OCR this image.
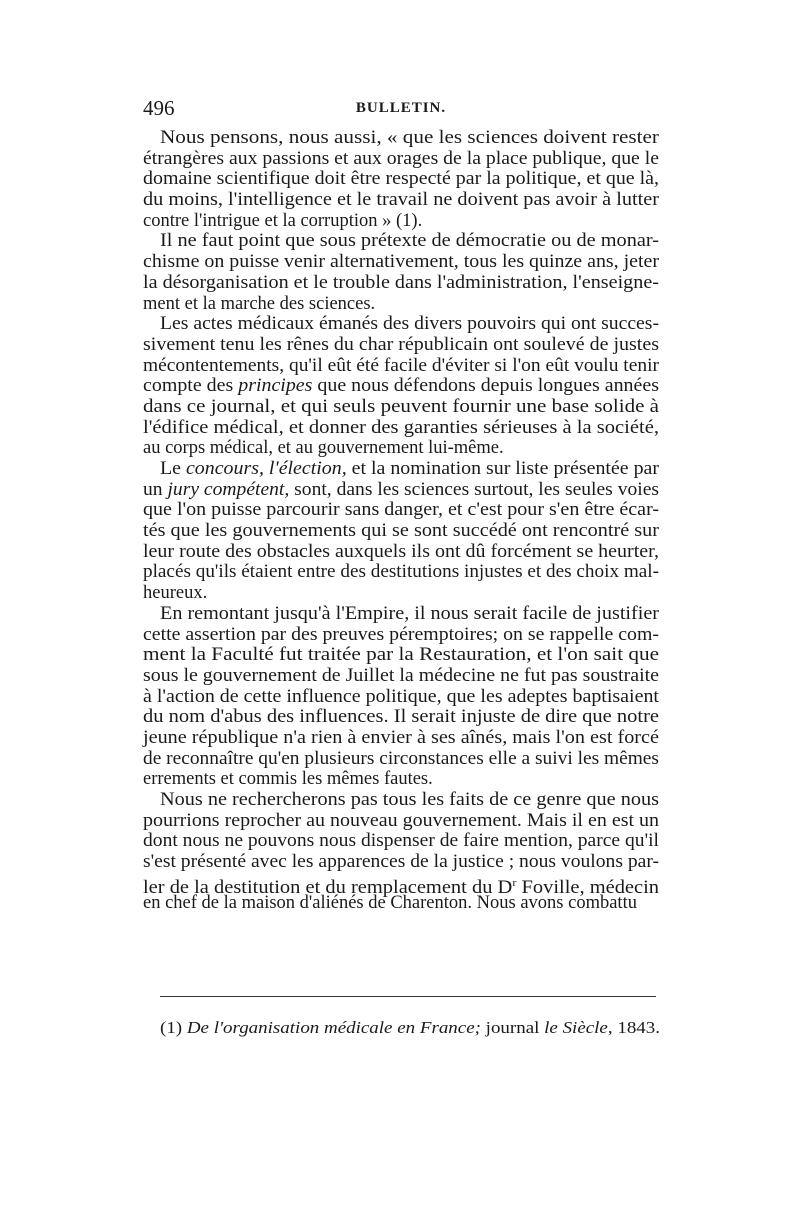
496	BULLETIN.
Nous pensons, nous aussi, « que les sciences doivent rester
étrangères aux passions et aux orages de la place publique, que le
domaine scientifique doit être respecté par la politique, et que là,
du moins, l'intelligence et le travail ne doivent pas avoir à lutter
contre l'intrigue et la corruption » (1).
Il ne faut point que sous prétexte de démocratie ou de monar-
chisme on puisse venir alternativement, tous les quinze ans, jeter
la désorganisation et le trouble dans l'administration, l'enseigne-
ment et la marche des sciences.
Les actes médicaux émanés des divers pouvoirs qui ont succes-
sivement tenu les rênes du char républicain ont soulevé de justes
mécontentements, qu'il eût été facile d'éviter si l'on eût voulu tenir
compte des principes que nous défendons depuis longues années
dans ce journal, et qui seuls peuvent fournir une base solide à
l'édifice médical, et donner des garanties sérieuses à la société,
au corps médical, et au gouvernement lui-même.
Le concours, l'élection, et la nomination sur liste présentée par
un jury compétent, sont, dans les sciences surtout, les seules voies
que l'on puisse parcourir sans danger, et c'est pour s'en être écar-
tés que les gouvernements qui se sont succédé ont rencontré sur
leur route des obstacles auxquels ils ont dû forcément se heurter,
placés qu'ils étaient entre des destitutions injustes et des choix mal-
heureux.
En remontant jusqu'à l'Empire, il nous serait facile de justifier
cette assertion par des preuves péremptoires; on se rappelle com-
ment la Faculté fut traitée par la Restauration, et l'on sait que
sous le gouvernement de Juillet la médecine ne fut pas soustraite
à l'action de cette influence politique, que les adeptes baptisaient
du nom d'abus des influences. Il serait injuste de dire que notre
jeune république n'a rien à envier à ses aînés, mais l'on est forcé
de reconnaître qu'en plusieurs circonstances elle a suivi les mêmes
errements et commis les mêmes fautes.
Nous ne rechercherons pas tous les faits de ce genre que nous
pourrions reprocher au nouveau gouvernement. Mais il en est un
dont nous ne pouvons nous dispenser de faire mention, parce qu'il
s'est présenté avec les apparences de la justice ; nous voulons par-
ler de la destitution et du remplacement du $D^r$ Foville, médecin
en chef de la maison d'aliénés de Charenton. Nous avons combattu
(1) De l'organisation médicale en France; journal le Siècle, 1843.
